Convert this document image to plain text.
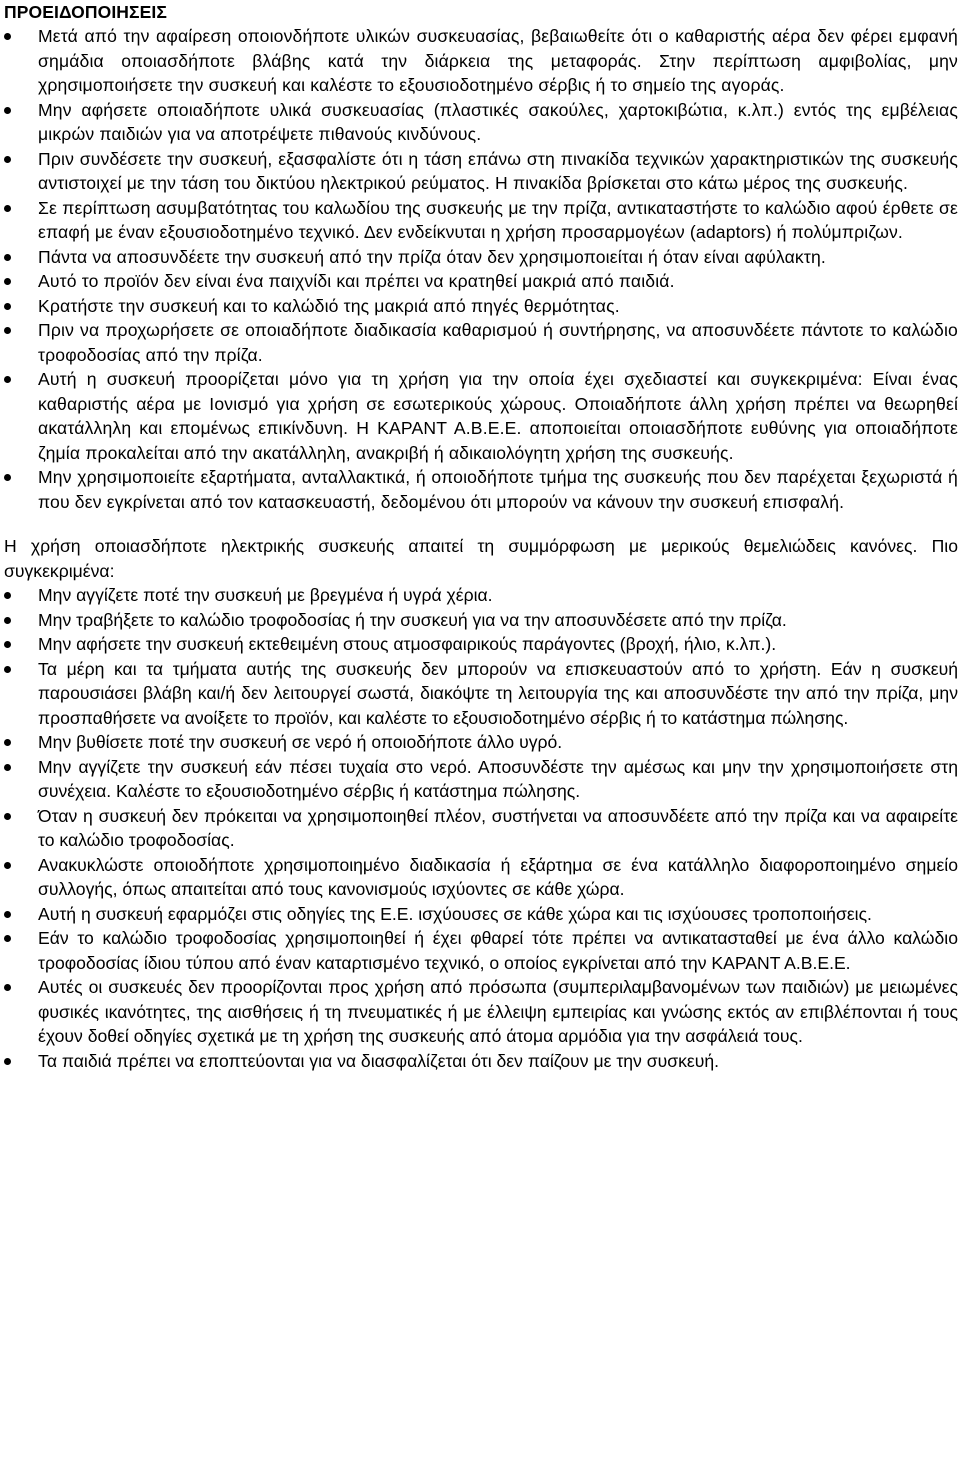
ΠΡΟΕΙΔΟΠΟΙΗΣΕΙΣ
Μετά από την αφαίρεση οποιονδήποτε υλικών συσκευασίας, βεβαιωθείτε ότι ο καθαριστής αέρα δεν φέρει εμφανή σημάδια οποιασδήποτε βλάβης κατά την διάρκεια της μεταφοράς. Στην περίπτωση αμφιβολίας, μην χρησιμοποιήσετε την συσκευή και καλέστε το εξουσιοδοτημένο σέρβις ή το σημείο της αγοράς.
Μην αφήσετε οποιαδήποτε υλικά συσκευασίας (πλαστικές σακούλες, χαρτοκιβώτια, κ.λπ.) εντός της εμβέλειας μικρών παιδιών για να αποτρέψετε πιθανούς κινδύνους.
Πριν συνδέσετε την συσκευή, εξασφαλίστε ότι η τάση επάνω στη πινακίδα τεχνικών χαρακτηριστικών της συσκευής αντιστοιχεί με την τάση του δικτύου ηλεκτρικού ρεύματος. Η πινακίδα βρίσκεται στο κάτω μέρος της συσκευής.
Σε περίπτωση ασυμβατότητας του καλωδίου της συσκευής με την πρίζα, αντικαταστήστε το καλώδιο αφού έρθετε σε επαφή με έναν εξουσιοδοτημένο τεχνικό. Δεν ενδείκνυται η χρήση προσαρμογέων (adaptors) ή πολύμπριζων.
Πάντα να αποσυνδέετε την συσκευή από την πρίζα όταν δεν χρησιμοποιείται ή όταν είναι αφύλακτη.
Αυτό το προϊόν δεν είναι ένα παιχνίδι και πρέπει να κρατηθεί μακριά από παιδιά.
Κρατήστε την συσκευή και το καλώδιό της μακριά από πηγές θερμότητας.
Πριν να προχωρήσετε σε οποιαδήποτε διαδικασία καθαρισμού ή συντήρησης, να αποσυνδέετε πάντοτε το καλώδιο τροφοδοσίας από την πρίζα.
Αυτή η συσκευή προορίζεται μόνο για τη χρήση για την οποία έχει σχεδιαστεί και συγκεκριμένα: Είναι ένας καθαριστής αέρα με Ιονισμό για χρήση σε εσωτερικούς χώρους. Οποιαδήποτε άλλη χρήση πρέπει να θεωρηθεί ακατάλληλη και επομένως επικίνδυνη. Η ΚΑΡΑΝΤ Α.Β.Ε.Ε. αποποιείται οποιασδήποτε ευθύνης για οποιαδήποτε ζημία προκαλείται από την ακατάλληλη, ανακριβή ή αδικαιολόγητη χρήση της συσκευής.
Μην χρησιμοποιείτε εξαρτήματα, ανταλλακτικά, ή οποιοδήποτε τμήμα της συσκευής που δεν παρέχεται ξεχωριστά ή που δεν εγκρίνεται από τον κατασκευαστή, δεδομένου ότι μπορούν να κάνουν την συσκευή επισφαλή.

Η χρήση οποιασδήποτε ηλεκτρικής συσκευής απαιτεί τη συμμόρφωση με μερικούς θεμελιώδεις κανόνες. Πιο συγκεκριμένα:

Μην αγγίζετε ποτέ την συσκευή με βρεγμένα ή υγρά χέρια.
Μην τραβήξετε το καλώδιο τροφοδοσίας ή την συσκευή για να την αποσυνδέσετε από την πρίζα.
Μην αφήσετε την συσκευή εκτεθειμένη στους ατμοσφαιρικούς παράγοντες (βροχή, ήλιο, κ.λπ.).
Τα μέρη και τα τμήματα αυτής της συσκευής δεν μπορούν να επισκευαστούν από το χρήστη. Εάν η συσκευή παρουσιάσει βλάβη και/ή δεν λειτουργεί σωστά, διακόψτε τη λειτουργία της και αποσυνδέστε την από την πρίζα, μην προσπαθήσετε να ανοίξετε το προϊόν, και καλέστε το εξουσιοδοτημένο σέρβις ή το κατάστημα πώλησης.
Μην βυθίσετε ποτέ την συσκευή σε νερό ή οποιοδήποτε άλλο υγρό.
Μην αγγίζετε την συσκευή εάν πέσει τυχαία στο νερό. Αποσυνδέστε την αμέσως και μην την χρησιμοποιήσετε στη συνέχεια. Καλέστε το εξουσιοδοτημένο σέρβις ή κατάστημα πώλησης.
Όταν η συσκευή δεν πρόκειται να χρησιμοποιηθεί πλέον, συστήνεται να αποσυνδέετε από την πρίζα και να αφαιρείτε το καλώδιο τροφοδοσίας.
Ανακυκλώστε οποιοδήποτε χρησιμοποιημένο διαδικασία ή εξάρτημα σε ένα κατάλληλο διαφοροποιημένο σημείο συλλογής, όπως απαιτείται από τους κανονισμούς ισχύοντες σε κάθε χώρα.
Αυτή η συσκευή εφαρμόζει στις οδηγίες της Ε.Ε. ισχύουσες σε κάθε χώρα και τις ισχύουσες τροποποιήσεις.
Εάν το καλώδιο τροφοδοσίας χρησιμοποιηθεί ή έχει φθαρεί τότε πρέπει να αντικατασταθεί με ένα άλλο καλώδιο τροφοδοσίας ίδιου τύπου από έναν καταρτισμένο τεχνικό, ο οποίος εγκρίνεται από την ΚΑΡΑΝΤ Α.Β.Ε.Ε.
Αυτές οι συσκευές δεν προορίζονται προς χρήση από πρόσωπα (συμπεριλαμβανομένων των παιδιών) με μειωμένες φυσικές ικανότητες, της αισθήσεις ή τη πνευματικές ή με έλλειψη εμπειρίας και γνώσης εκτός αν επιβλέπονται ή τους έχουν δοθεί οδηγίες σχετικά με τη χρήση της συσκευής από άτομα αρμόδια για την ασφάλειά τους.
Τα παιδιά πρέπει να εποπτεύονται για να διασφαλίζεται ότι δεν παίζουν με την συσκευή.
